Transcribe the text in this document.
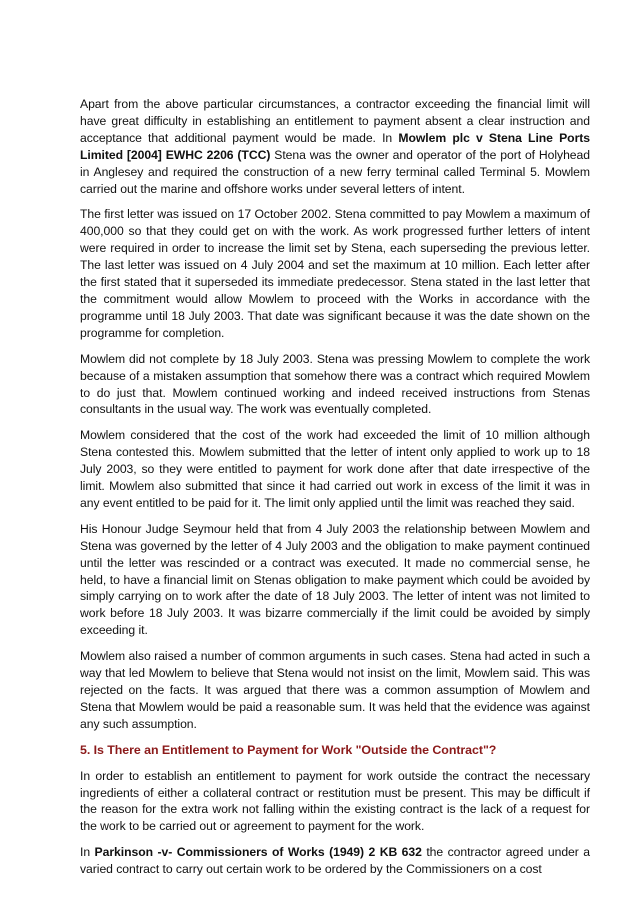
Apart from the above particular circumstances, a contractor exceeding the financial limit will have great difficulty in establishing an entitlement to payment absent a clear instruction and acceptance that additional payment would be made. In Mowlem plc v Stena Line Ports Limited [2004] EWHC 2206 (TCC) Stena was the owner and operator of the port of Holyhead in Anglesey and required the construction of a new ferry terminal called Terminal 5. Mowlem carried out the marine and offshore works under several letters of intent.

The first letter was issued on 17 October 2002. Stena committed to pay Mowlem a maximum of 400,000 so that they could get on with the work. As work progressed further letters of intent were required in order to increase the limit set by Stena, each superseding the previous letter. The last letter was issued on 4 July 2004 and set the maximum at 10 million. Each letter after the first stated that it superseded its immediate predecessor. Stena stated in the last letter that the commitment would allow Mowlem to proceed with the Works in accordance with the programme until 18 July 2003. That date was significant because it was the date shown on the programme for completion.

Mowlem did not complete by 18 July 2003. Stena was pressing Mowlem to complete the work because of a mistaken assumption that somehow there was a contract which required Mowlem to do just that. Mowlem continued working and indeed received instructions from Stenas consultants in the usual way. The work was eventually completed.

Mowlem considered that the cost of the work had exceeded the limit of 10 million although Stena contested this. Mowlem submitted that the letter of intent only applied to work up to 18 July 2003, so they were entitled to payment for work done after that date irrespective of the limit. Mowlem also submitted that since it had carried out work in excess of the limit it was in any event entitled to be paid for it. The limit only applied until the limit was reached they said.

His Honour Judge Seymour held that from 4 July 2003 the relationship between Mowlem and Stena was governed by the letter of 4 July 2003 and the obligation to make payment continued until the letter was rescinded or a contract was executed. It made no commercial sense, he held, to have a financial limit on Stenas obligation to make payment which could be avoided by simply carrying on to work after the date of 18 July 2003. The letter of intent was not limited to work before 18 July 2003. It was bizarre commercially if the limit could be avoided by simply exceeding it.

Mowlem also raised a number of common arguments in such cases. Stena had acted in such a way that led Mowlem to believe that Stena would not insist on the limit, Mowlem said. This was rejected on the facts. It was argued that there was a common assumption of Mowlem and Stena that Mowlem would be paid a reasonable sum. It was held that the evidence was against any such assumption.

5. Is There an Entitlement to Payment for Work "Outside the Contract"?

In order to establish an entitlement to payment for work outside the contract the necessary ingredients of either a collateral contract or restitution must be present. This may be difficult if the reason for the extra work not falling within the existing contract is the lack of a request for the work to be carried out or agreement to payment for the work.

In Parkinson -v- Commissioners of Works (1949) 2 KB 632 the contractor agreed under a varied contract to carry out certain work to be ordered by the Commissioners on a cost
